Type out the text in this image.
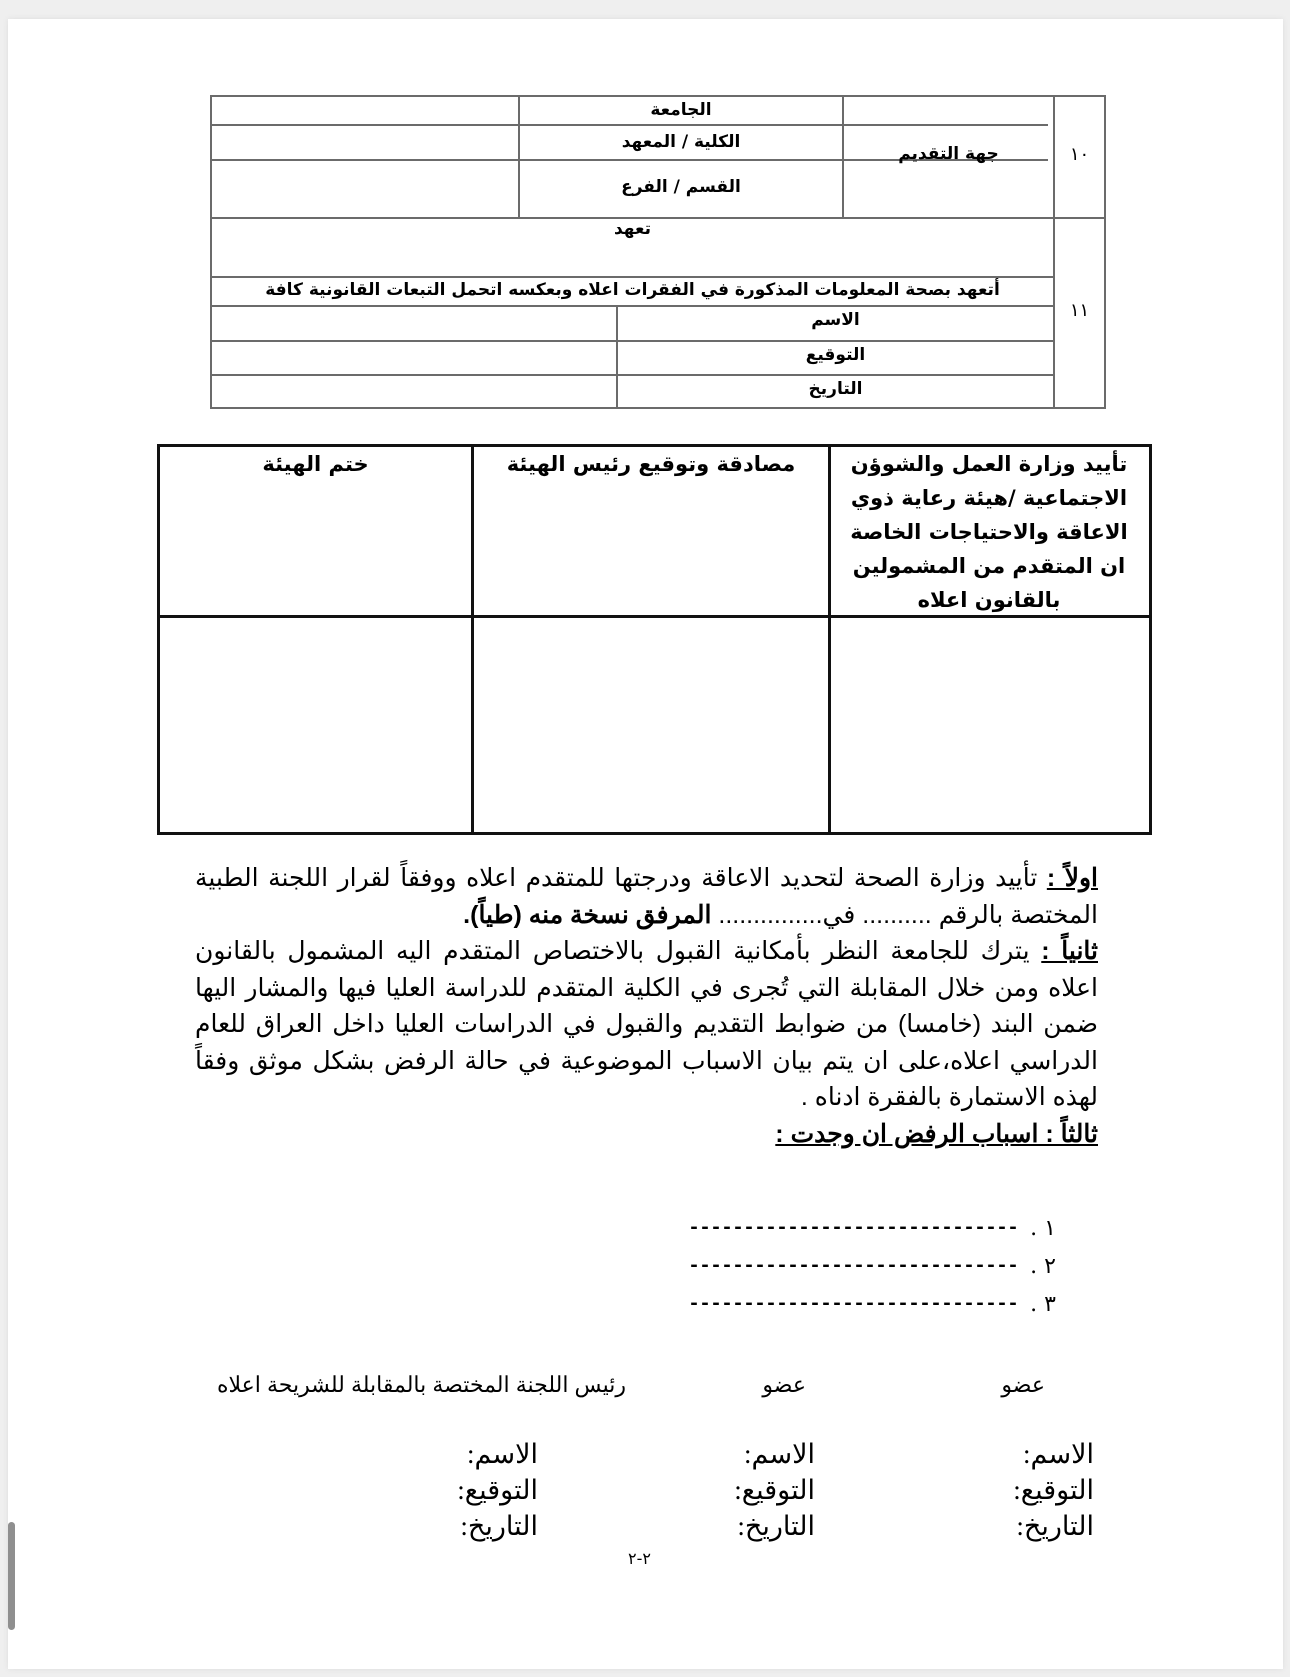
١٠
جهة التقديم
الجامعة
الكلية / المعهد
القسم / الفرع
١١
تعهد
أتعهد بصحة المعلومات المذكورة في الفقرات اعلاه وبعكسه اتحمل التبعات القانونية كافة
الاسم
التوقيع
التاريخ
تأييد وزارة العمل والشوؤن الاجتماعية /هيئة رعاية ذوي الاعاقة والاحتياجات الخاصة ان المتقدم من المشمولين بالقانون اعلاه
مصادقة وتوقيع رئيس الهيئة
ختم الهيئة

اولاً : تأييد وزارة الصحة لتحديد الاعاقة ودرجتها للمتقدم اعلاه ووفقاً لقرار اللجنة الطبية المختصة بالرقم .......... في............... المرفق نسخة منه (طياً).

ثانياً : يترك للجامعة النظر بأمكانية القبول بالاختصاص المتقدم اليه المشمول بالقانون اعلاه ومن خلال المقابلة التي تُجرى في الكلية المتقدم للدراسة العليا فيها والمشار اليها ضمن البند (خامسا) من ضوابط التقديم والقبول في الدراسات العليا داخل العراق للعام الدراسي اعلاه،على ان يتم بيان الاسباب الموضوعية في حالة الرفض بشكل موثق وفقاً لهذه الاستمارة بالفقرة ادناه .

ثالثاً : اسباب الرفض ان وجدت :

١ .
------------------------------
٢ .
------------------------------
٣ .
------------------------------
عضو
عضو
رئيس اللجنة المختصة بالمقابلة للشريحة اعلاه
الاسم:
التوقيع:
التاريخ:
الاسم:
التوقيع:
التاريخ:
الاسم:
التوقيع:
التاريخ:
٢-٢
